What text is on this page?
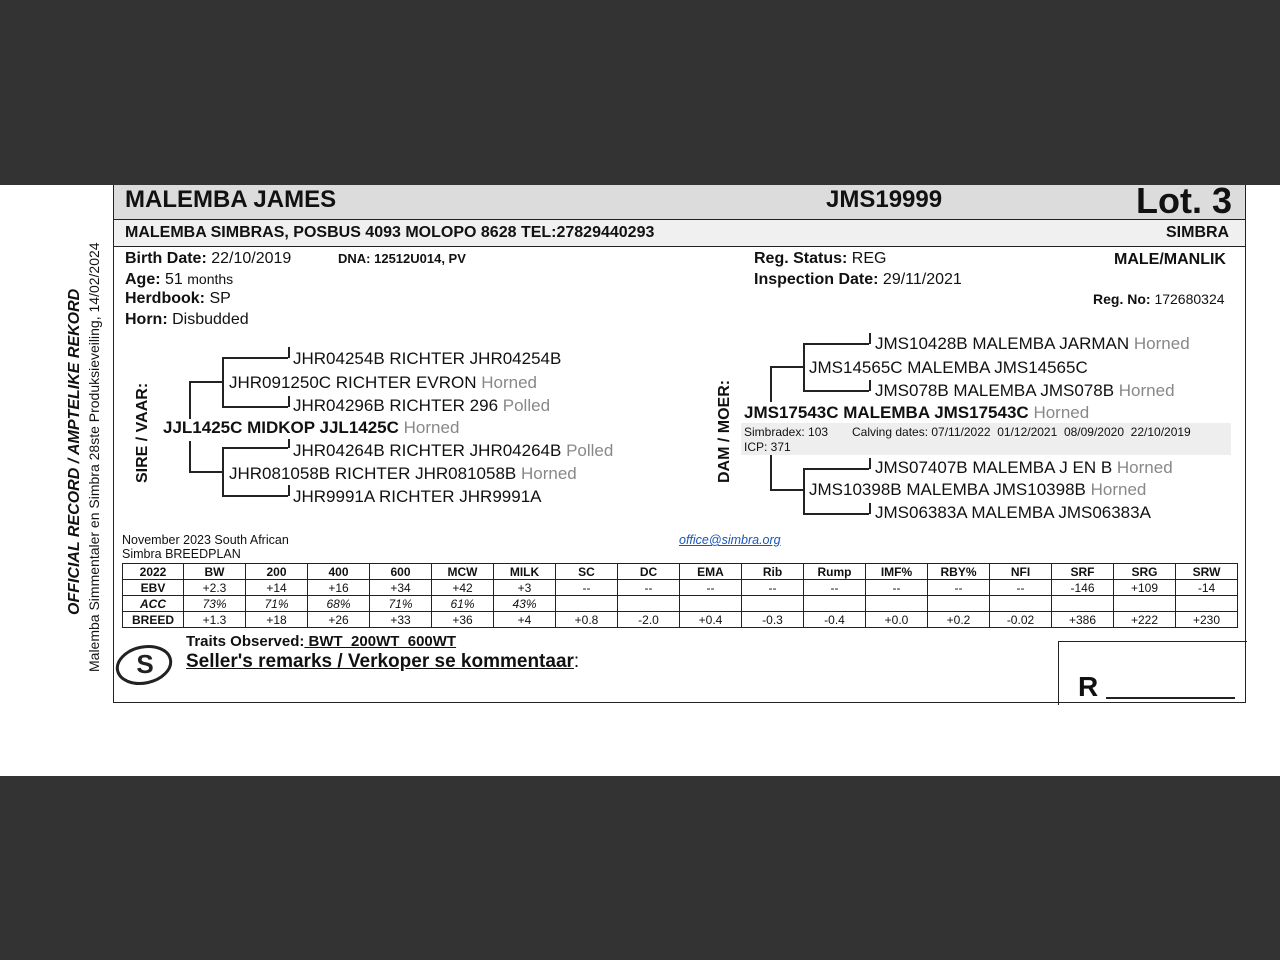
OFFICIAL RECORD / AMPTELIKE REKORD Malemba Simmentaler en Simbra 28ste Produksieveiling, 14/02/2024
MALEMBA JAMES	JMS19999	Lot. 3
MALEMBA SIMBRAS, POSBUS 4093 MOLOPO 8628 TEL:27829440293	SIMBRA
Birth Date: 22/10/2019	DNA: 12512U014, PV
Age: 51 months
Herdbook: SP
Horn: Disbudded
Reg. Status: REG
Inspection Date: 29/11/2021
MALE/MANLIK
Reg. No: 172680324
SIRE / VAAR:
JHR04254B RICHTER JHR04254B
JHR091250C RICHTER EVRON Horned
JHR04296B RICHTER 296 Polled
JJL1425C MIDKOP JJL1425C Horned
JHR04264B RICHTER JHR04264B Polled
JHR081058B RICHTER JHR081058B Horned
JHR9991A RICHTER JHR9991A
DAM / MOER:
JMS10428B MALEMBA JARMAN Horned
JMS14565C MALEMBA JMS14565C
JMS078B MALEMBA JMS078B Horned
JMS17543C MALEMBA JMS17543C Horned
Simbradex: 103 Calving dates: 07/11/2022  01/12/2021  08/09/2020  22/10/2019
ICP: 371
JMS07407B MALEMBA J EN B Horned
JMS10398B MALEMBA JMS10398B Horned
JMS06383A MALEMBA JMS06383A
November 2023 South African
Simbra BREEDPLAN
office@simbra.org
2022	BW	200	400	600	MCW	MILK	SC	DC	EMA	Rib	Rump	IMF%	RBY%	NFI	SRF	SRG	SRW
EBV	+2.3	+14	+16	+34	+42	+3	--	--	--	--	--	--	--	--	-146	+109	-14
ACC	73%	71%	68%	71%	61%	43%											
BREED	+1.3	+18	+26	+33	+36	+4	+0.8	-2.0	+0.4	-0.3	-0.4	+0.0	+0.2	-0.02	+386	+222	+230
S
Traits Observed: BWT  200WT  600WT
Seller's remarks / Verkoper se kommentaar:
R
